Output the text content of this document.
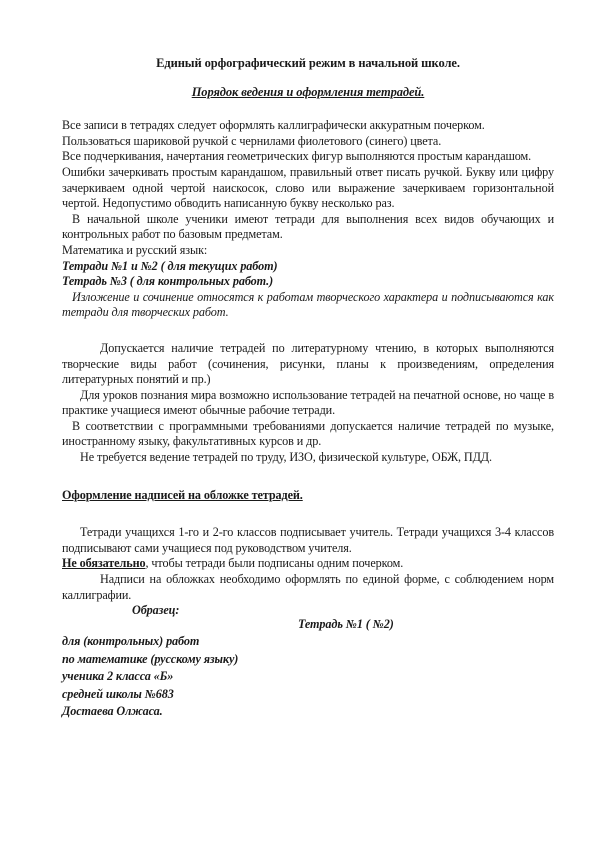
Единый орфографический режим в начальной школе.
Порядок ведения и оформления тетрадей.

Все записи в тетрадях следует оформлять каллиграфически аккуратным почерком.

Пользоваться шариковой ручкой с чернилами фиолетового (синего) цвета.

Все подчеркивания, начертания геометрических фигур выполняются простым карандашом.

Ошибки зачеркивать простым карандашом, правильный ответ писать ручкой. Букву или цифру зачеркиваем одной чертой наискосок, слово или выражение зачеркиваем горизонтальной чертой. Недопустимо обводить написанную букву несколько раз.

В начальной школе ученики имеют тетради для выполнения всех видов обучающих и контрольных работ по базовым предметам.

Математика и русский язык:

Тетради №1 и №2 ( для текущих работ)

Тетрадь №3 ( для контрольных работ.)

Изложение и сочинение относятся к работам творческого характера и подписываются как тетради для творческих работ.

Допускается наличие тетрадей по литературному чтению, в которых выполняются творческие виды работ (сочинения, рисунки, планы к произведениям, определения литературных понятий и пр.)

Для уроков познания мира возможно использование тетрадей на печатной основе, но чаще в практике учащиеся имеют обычные рабочие тетради.

В соответствии с программными требованиями допускается наличие тетрадей по музыке, иностранному языку, факультативных курсов и др.

Не требуется ведение тетрадей по труду, ИЗО, физической культуре, ОБЖ, ПДД.

Оформление надписей на обложке тетрадей.

Тетради учащихся 1-го и 2-го классов подписывает учитель. Тетради учащихся 3-4 классов подписывают сами учащиеся под руководством учителя.

Не обязательно, чтобы тетради были подписаны одним почерком.

Надписи на обложках необходимо оформлять по единой форме, с соблюдением норм каллиграфии.

Образец:
Тетрадь №1 ( №2)
для (контрольных) работ
по математике (русскому языку)
ученика 2 класса «Б»
средней школы №683
Достаева Олжаса.
